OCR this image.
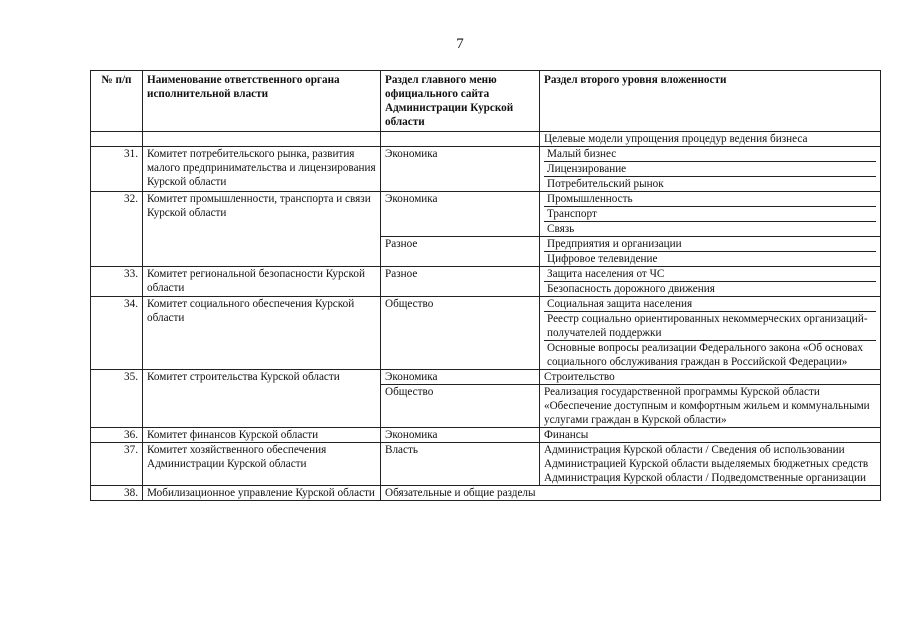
7
№ п/п	Наименование ответственного органа исполнительной власти	Раздел главного меню официального сайта Администрации Курской области	Раздел второго уровня вложенности
			Целевые модели упрощения процедур ведения бизнеса
31.	Комитет потребительского рынка, развития малого предпринимательства и лицензирования Курской области	Экономика	Малый бизнес
Лицензирование
Потребительский рынок

32.	Комитет промышленности, транспорта и связи Курской области	Экономика	Промышленность
Транспорт
Связь

		Разное	Предприятия и организации
Цифровое телевидение

33.	Комитет региональной безопасности Курской области	Разное	Защита населения от ЧС
Безопасность дорожного движения

34.	Комитет социального обеспечения Курской области	Общество	Социальная защита населения
Реестр социально ориентированных некоммерческих организаций-получателей поддержки
Основные вопросы реализации Федерального закона «Об основах социального обслуживания граждан в Российской Федерации»

35.	Комитет строительства Курской области	Экономика	Строительство
		Общество	Реализация государственной программы Курской области «Обеспечение доступным и комфортным жильем и коммунальными услугами граждан в Курской области»
36.	Комитет финансов Курской области	Экономика	Финансы
37.	Комитет хозяйственного обеспечения Администрации Курской области	Власть	Администрация Курской области / Сведения об использовании Администрацией Курской области выделяемых бюджетных средств
Администрация Курской области / Подведомственные организации

38.	Мобилизационное управление Курской области	Обязательные и общие разделы	
